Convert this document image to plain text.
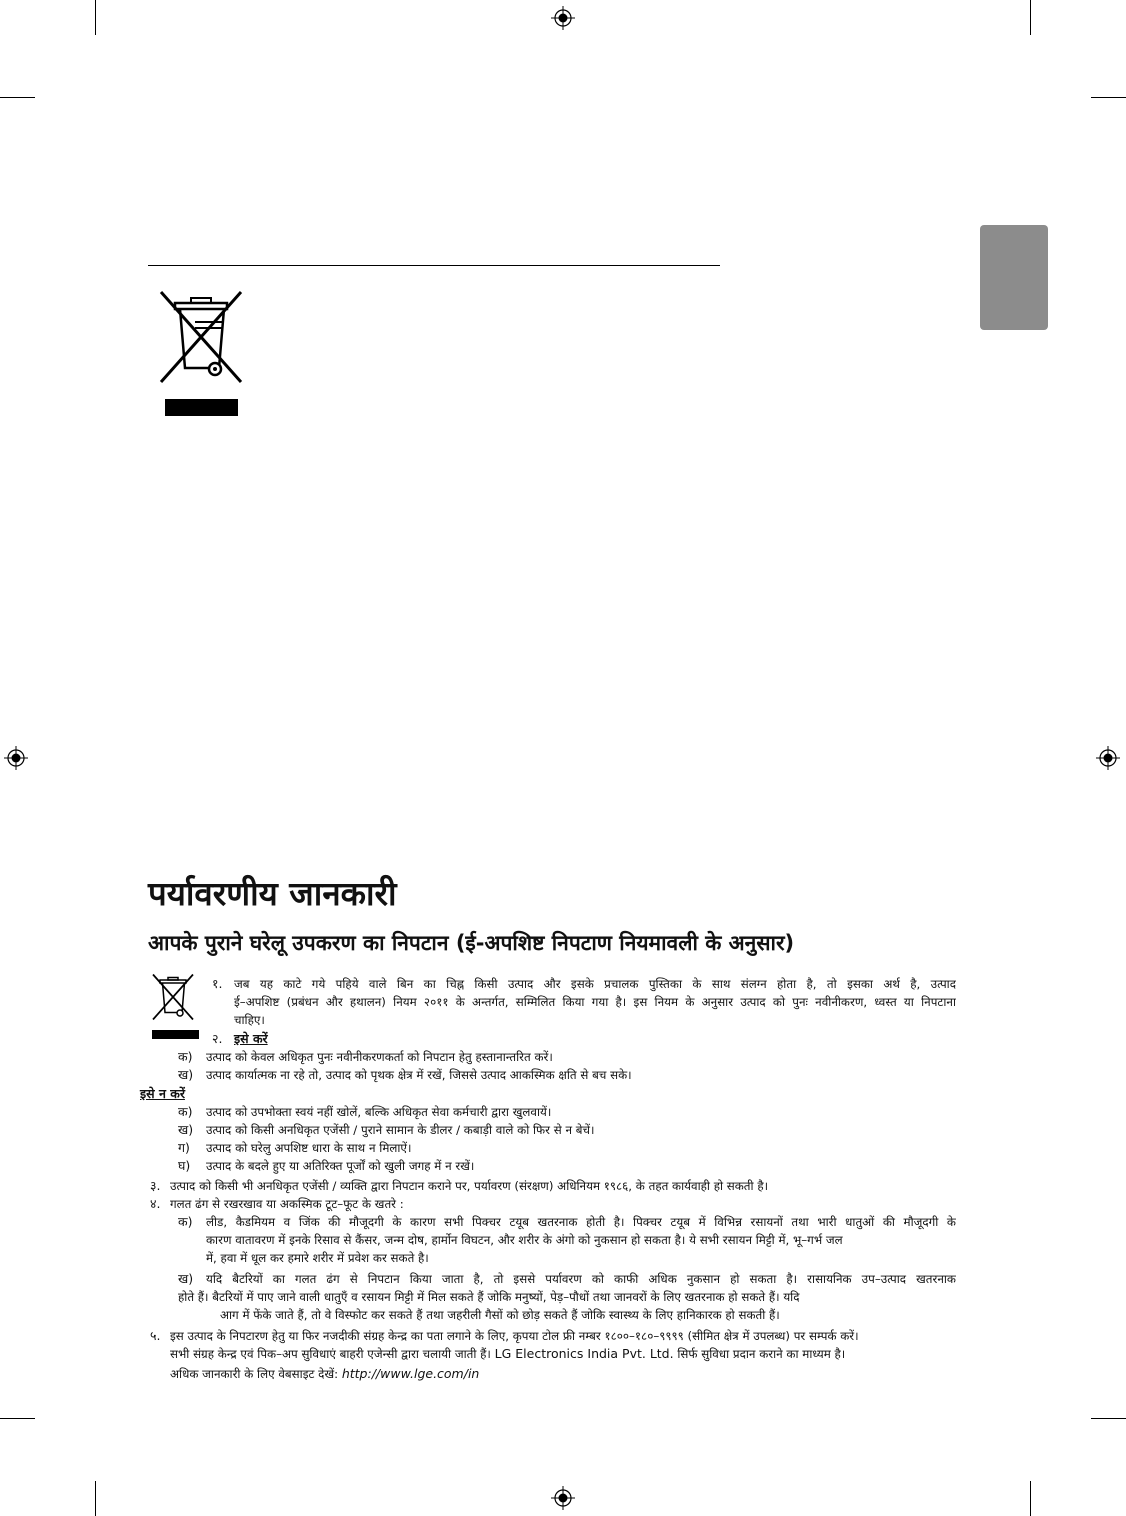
पर्यावरणीय जानकारी
आपके पुराने घरेलू उपकरण का निपटान (ई-अपशिष्ट निपटाण नियमावली के अनुसार)
१. जब यह काटे गये पहिये वाले बिन का चिह्न किसी उत्पाद और इसके प्रचालक पुस्तिका के साथ संलग्न होता है, तो इसका अर्थ है, उत्पाद
ई–अपशिष्ट (प्रबंधन और हथालन) नियम २०११ के अन्तर्गत, सम्मिलित किया गया है। इस नियम के अनुसार उत्पाद को पुनः नवीनीकरण, ध्वस्त या निपटाना
चाहिए।
२. इसे करें
क) उत्पाद को केवल अधिकृत पुनः नवीनीकरणकर्ता को निपटान हेतु हस्तानान्तरित करें।
ख) उत्पाद कार्यात्मक ना रहे तो, उत्पाद को पृथक क्षेत्र में रखें, जिससे उत्पाद आकस्मिक क्षति से बच सके।
इसे न करें
क) उत्पाद को उपभोक्ता स्वयं नहीं खोलें, बल्कि अधिकृत सेवा कर्मचारी द्वारा खुलवायें।
ख) उत्पाद को किसी अनधिकृत एजेंसी / पुराने सामान के डीलर / कबाड़ी वाले को फिर से न बेचें।
ग) उत्पाद को घरेलु अपशिष्ट धारा के साथ न मिलाऐं।
घ) उत्पाद के बदले हुए या अतिरिक्त पूर्जों को खुली जगह में न रखें।
३. उत्पाद को किसी भी अनधिकृत एजेंसी / व्यक्ति द्वारा निपटान कराने पर, पर्यावरण (संरक्षण) अधिनियम १९८६, के तहत कार्यवाही हो सकती है।
४. गलत ढंग से रखरखाव या अकस्मिक टूट–फूट के खतरे :
क) लीड, कैडमियम व जिंक की मौजूदगी के कारण सभी पिक्चर टयूब खतरनाक होती है। पिक्चर टयूब में विभिन्न रसायनों तथा भारी धातुओं की मौजूदगी के
कारण वातावरण में इनके रिसाव से कैंसर, जन्म दोष, हार्मोन विघटन, और शरीर के अंगो को नुकसान हो सकता है। ये सभी रसायन मिट्टी में, भू–गर्भ जल
में, हवा में धूल कर हमारे शरीर में प्रवेश कर सकते है।
ख) यदि बैटरियों का गलत ढंग से निपटान किया जाता है, तो इससे पर्यावरण को काफी अधिक नुकसान हो सकता है। रासायनिक उप–उत्पाद खतरनाक
होते हैं। बैटरियों में पाए जाने वाली धातुएँ व रसायन मिट्टी में मिल सकते हैं जोकि मनुष्यों, पेड़–पौधों तथा जानवरों के लिए खतरनाक हो सकते हैं। यदि
आग में फेंके जाते हैं, तो वे विस्फोट कर सकते हैं तथा जहरीली गैसों को छोड़ सकते हैं जोकि स्वास्थ्य के लिए हानिकारक हो सकती हैं।
५. इस उत्पाद के निपटारण हेतु या फिर नजदीकी संग्रह केन्द्र का पता लगाने के लिए, कृपया टोल फ्री नम्बर १८००–१८०–९९९९ (सीमित क्षेत्र में उपलब्ध) पर सम्पर्क करें।
सभी संग्रह केन्द्र एवं पिक–अप सुविधाएं बाहरी एजेन्सी द्वारा चलायी जाती हैं। LG Electronics India Pvt. Ltd. सिर्फ सुविधा प्रदान कराने का माध्यम है।
अधिक जानकारी के लिए वेबसाइट देखें: http://www.lge.com/in
